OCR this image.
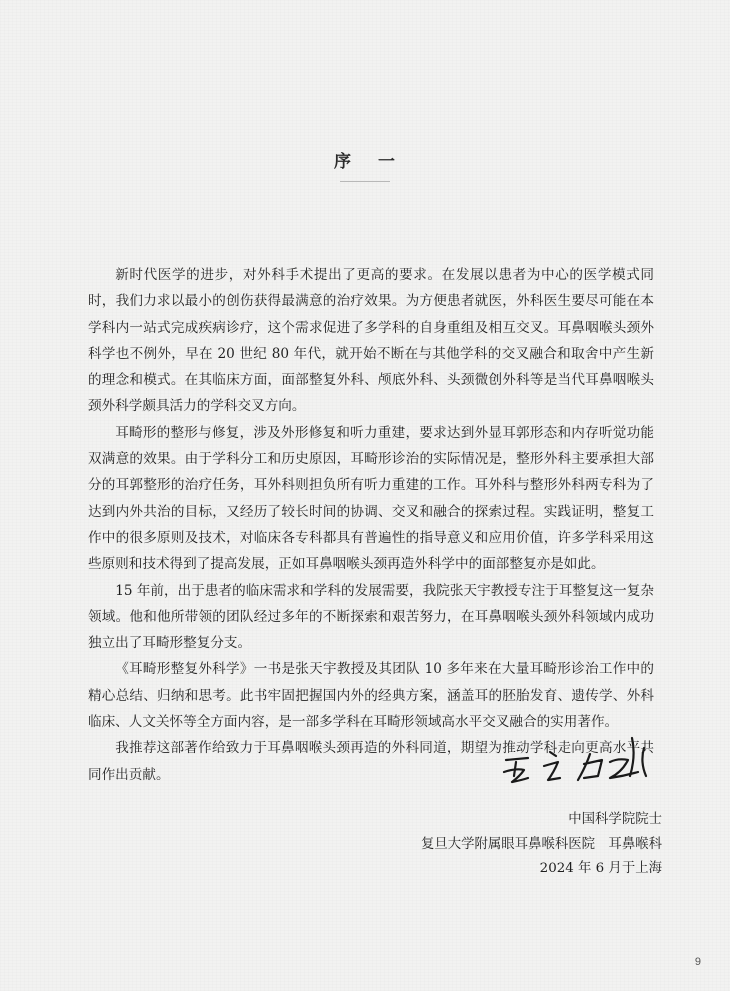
序 一

新时代医学的进步，对外科手术提出了更高的要求。在发展以患者为中心的医学模式同时，我们力求以最小的创伤获得最满意的治疗效果。为方便患者就医，外科医生要尽可能在本学科内一站式完成疾病诊疗，这个需求促进了多学科的自身重组及相互交叉。耳鼻咽喉头颈外科学也不例外，早在 20 世纪 80 年代，就开始不断在与其他学科的交叉融合和取舍中产生新的理念和模式。在其临床方面，面部整复外科、颅底外科、头颈微创外科等是当代耳鼻咽喉头颈外科学颇具活力的学科交叉方向。

耳畸形的整形与修复，涉及外形修复和听力重建，要求达到外显耳郭形态和内存听觉功能双满意的效果。由于学科分工和历史原因，耳畸形诊治的实际情况是，整形外科主要承担大部分的耳郭整形的治疗任务，耳外科则担负所有听力重建的工作。耳外科与整形外科两专科为了达到内外共治的目标，又经历了较长时间的协调、交叉和融合的探索过程。实践证明，整复工作中的很多原则及技术，对临床各专科都具有普遍性的指导意义和应用价值，许多学科采用这些原则和技术得到了提高发展，正如耳鼻咽喉头颈再造外科学中的面部整复亦是如此。

15 年前，出于患者的临床需求和学科的发展需要，我院张天宇教授专注于耳整复这一复杂领域。他和他所带领的团队经过多年的不断探索和艰苦努力，在耳鼻咽喉头颈外科领域内成功独立出了耳畸形整复分支。

《耳畸形整复外科学》一书是张天宇教授及其团队 10 多年来在大量耳畸形诊治工作中的精心总结、归纳和思考。此书牢固把握国内外的经典方案，涵盖耳的胚胎发育、遗传学、外科临床、人文关怀等全方面内容，是一部多学科在耳畸形领域高水平交叉融合的实用著作。

我推荐这部著作给致力于耳鼻咽喉头颈再造的外科同道，期望为推动学科走向更高水平共同作出贡献。

中国科学院院士
复旦大学附属眼耳鼻喉科医院　耳鼻喉科
2024 年 6 月于上海
9
